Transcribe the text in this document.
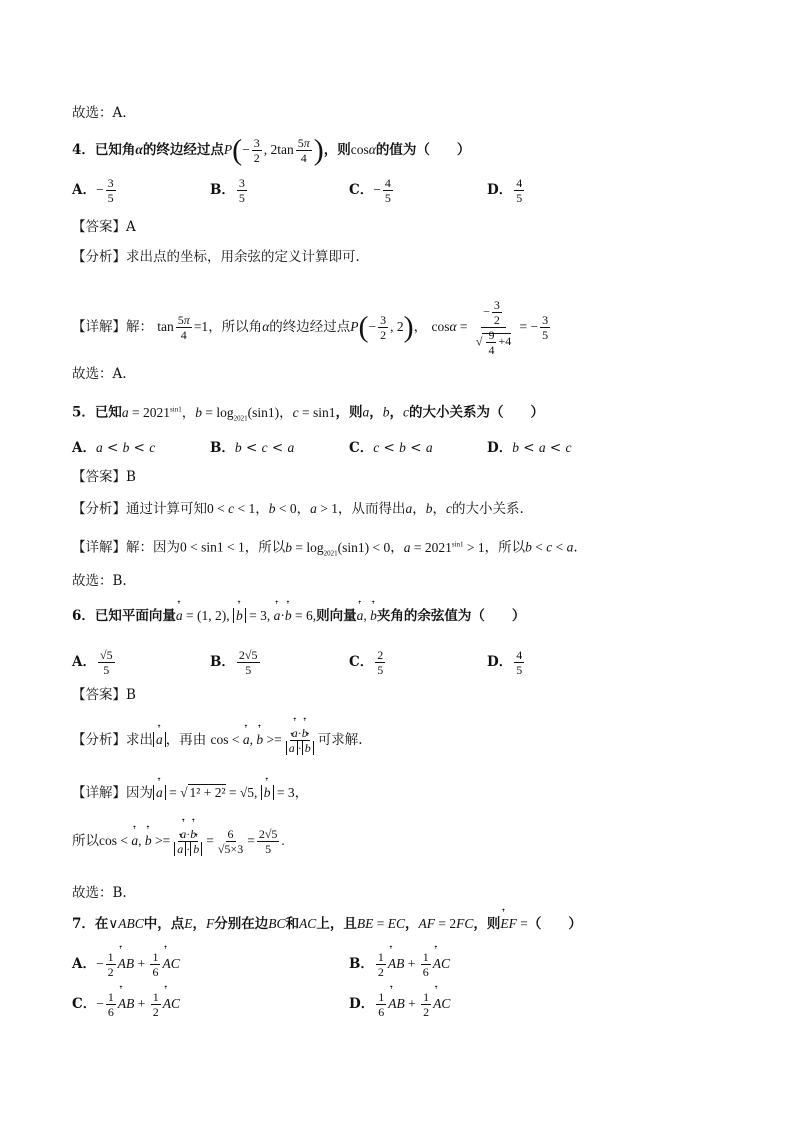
故选：A.
4．已知角α的终边经过点$P(- \frac{3}{2}$ , $2\tan \frac{5\pi}{4}$ )，则cosα的值为（　　）
A．− $\frac{3}{5}$	B． $\frac{3}{5}$	C．− $\frac{4}{5}$	D． $\frac{4}{5}$
【答案】A
【分析】求出点的坐标，用余弦的定义计算即可.
【详解】解： $\tan \frac{5\pi}{4} =1$，所以角α的终边经过点$P(- \frac{3}{2}$ , 2)， $\cos\alpha = \frac{- \frac{3}{2}}{√ \frac{9}{4} +4}$ = − $\frac{3}{5}$
故选：A.
5．已知$a = 2021^{sin1}$，$b = \log_{2021}(\sin 1)$，c = sin1，则a，b，c的大小关系为（　　）
A．a < b < c	B．b < c < a	C．c < b < a	D．b < a < c
【答案】B
【分析】通过计算可知0 < c < 1，b < 0，a > 1，从而得出a，b，c的大小关系.
【详解】解：因为0 < sin1 < 1，所以$b = \log_{2021}(\sin 1) < 0$，$a = 2021^{sin1} > 1$，所以b < c < a.
故选：B.
6．已知平面向量ꜛ a = (1, 2), ꜛ b = 3, ꜛ a·ꜛ b = 6,则向量ꜛ a, ꜛ b夹角的余弦值为（　　）
A． $\frac{√5}{5}$	B． $\frac{2√5}{5}$	C． $\frac{2}{5}$	D． $\frac{4}{5}$
【答案】B
【分析】求出 ꜛ a ，再由 cos < ꜛ a, ꜛ b >= ꜛ a·ꜛ b
ꜛ a · ꜛ b 可求解.
【详解】因为 ꜛ a = √ 1² + 2² = √5, ꜛ b = 3，
所以cos < ꜛ a, ꜛ b >= ꜛ a·ꜛ b
ꜛ a · ꜛ $b = \frac{6}{√5\times 3} = \frac{2√5}{5}$ .
故选：B.
7．在∨ABC中，点E，F分别在边BC和AC上，且BE = EC，AF = 2FC，则ꜛ EF =（　　）
A．− $\frac{1}{2}$ ꜛ AB + $\frac{1}{6}$ ꜛ AC	B． $\frac{1}{2}$ ꜛ AB + $\frac{1}{6}$ ꜛ AC
C．− $\frac{1}{6}$ ꜛ AB + $\frac{1}{2}$ ꜛ AC	D． $\frac{1}{6}$ ꜛ AB + $\frac{1}{2}$ ꜛ AC
